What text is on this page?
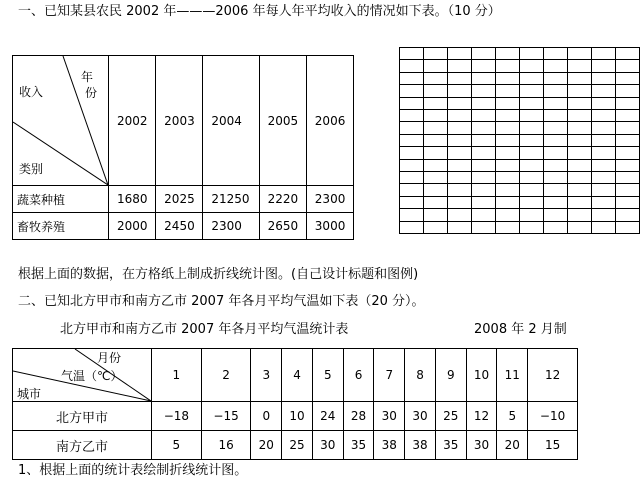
一、已知某县农民 2002 年———2006 年每人年平均收入的情况如下表。（10 分）
年
份
收入
类别	2002	2003	2004	2005	2006
蔬菜种植	1680	2025	21250	2220	2300
畜牧养殖	2000	2450	2300	2650	3000
根据上面的数据，在方格纸上制成折线统计图。(自己设计标题和图例)
二、已知北方甲市和南方乙市 2007 年各月平均气温如下表（20 分）。
北方甲市和南方乙市 2007 年各月平均气温统计表	2008 年 2 月制
月份
气温（℃）
城市	1	2	3	4	5	6	7	8	9	10	11	12
北方甲市	−18	−15	0	10	24	28	30	30	25	12	5	−10
南方乙市	5	16	20	25	30	35	38	38	35	30	20	15
1、根据上面的统计表绘制折线统计图。
